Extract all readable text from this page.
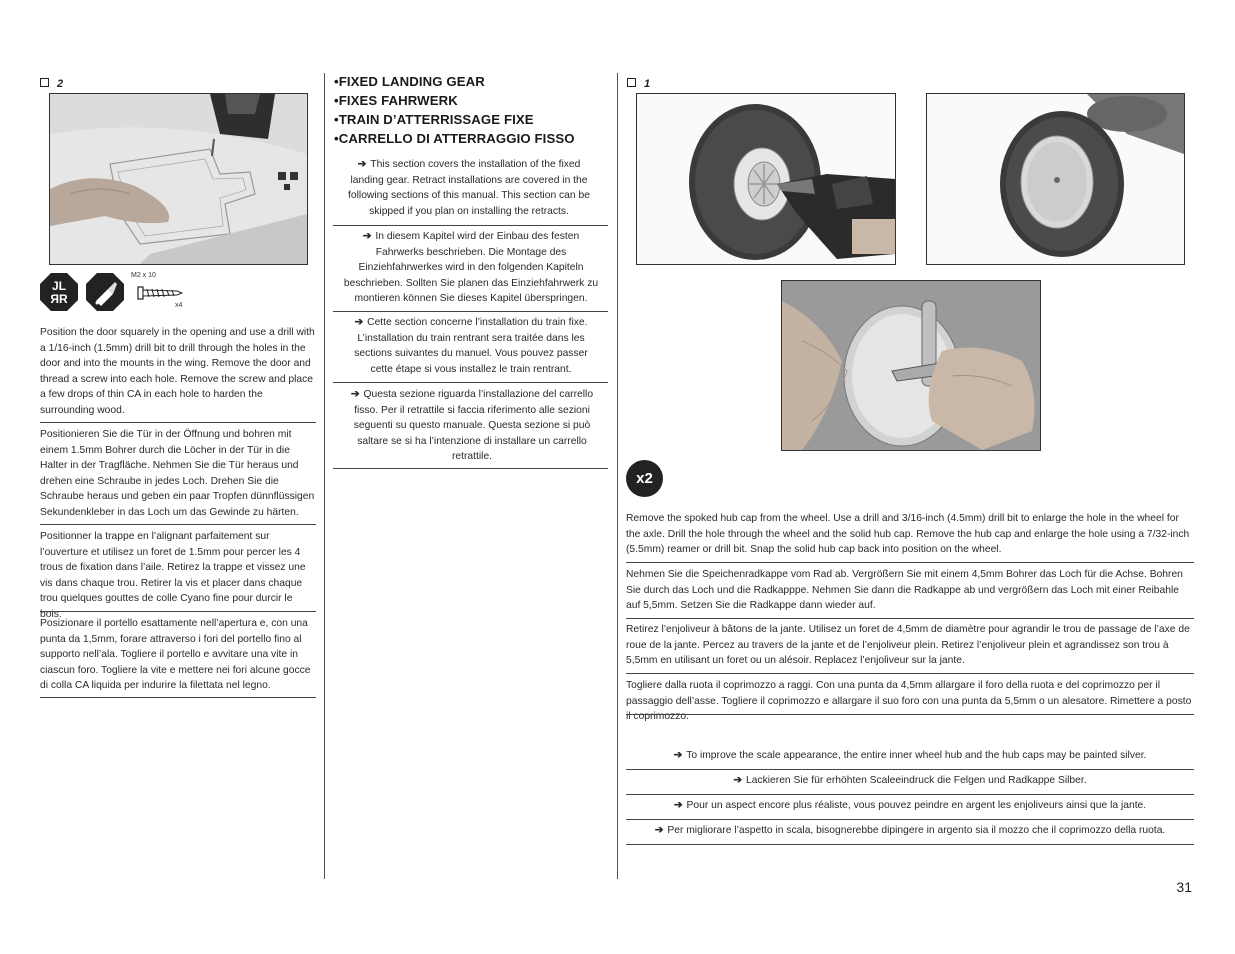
2
JL
ЯR
M2 x 10
x4
Position the door squarely in the opening and use a drill with a 1/16-inch (1.5mm) drill bit to drill through the holes in the door and into the mounts in the wing. Remove the door and thread a screw into each hole. Remove the screw and place a few drops of thin CA in each hole to harden the surrounding wood.
Positionieren Sie die Tür in der Öffnung und bohren mit einem 1.5mm Bohrer durch die Löcher in der Tür in die Halter in der Tragfläche. Nehmen Sie die Tür heraus und drehen eine Schraube in jedes Loch. Drehen Sie die Schraube heraus und geben ein paar Tropfen dünnflüssigen Sekundenkleber in das Loch um das Gewinde zu härten.
Positionner la trappe en l’alignant parfaitement sur l’ouverture et utilisez un foret de 1.5mm pour percer les 4 trous de fixation dans l’aile. Retirez la trappe et vissez une vis dans chaque trou. Retirer la vis et placer dans chaque trou quelques gouttes de colle Cyano fine pour durcir le bois.
Posizionare il portello esattamente nell’apertura e, con una punta da 1,5mm, forare attraverso i fori del portello fino al supporto nell’ala. Togliere il portello e avvitare una vite in ciascun foro. Togliere la vite e mettere nei fori alcune gocce di colla CA liquida per indurire la filettata nel legno.
•FIXED LANDING GEAR
•FIXES FAHRWERK
•TRAIN D’ATTERRISSAGE FIXE
•CARRELLO DI ATTERRAGGIO FISSO
➔ This section covers the installation of the fixed landing gear. Retract installations are covered in the following sections of this manual. This section can be skipped if you plan on installing the retracts.
➔ In diesem Kapitel wird der Einbau des festen Fahrwerks beschrieben. Die Montage des Einziehfahrwerkes wird in den folgenden Kapiteln beschrieben. Sollten Sie planen das Einziehfahrwerk zu montieren können Sie dieses Kapitel überspringen.
➔ Cette section concerne l’installation du train fixe. L’installation du train rentrant sera traitée dans les sections suivantes du manuel. Vous pouvez passer cette étape si vous installez le train rentrant.
➔ Questa sezione riguarda l’installazione del carrello fisso. Per il retrattile si faccia riferimento alle sezioni seguenti su questo manuale. Questa sezione si può saltare se si ha l’intenzione di installare un carrello retrattile.
1
x2
Remove the spoked hub cap from the wheel. Use a drill and 3/16-inch (4.5mm) drill bit to enlarge the hole in the wheel for the axle. Drill the hole through the wheel and the solid hub cap. Remove the hub cap and enlarge the hole using a 7/32-inch (5.5mm) reamer or drill bit. Snap the solid hub cap back into position on the wheel.
Nehmen Sie die Speichenradkappe vom Rad ab. Vergrößern Sie mit einem 4,5mm Bohrer das Loch für die Achse. Bohren Sie durch das Loch und die Radkapppe. Nehmen Sie dann die Radkappe ab und vergrößern das Loch mit einer Reibahle auf 5,5mm. Setzen Sie die Radkappe dann wieder auf.
Retirez l’enjoliveur à bâtons de la jante. Utilisez un foret de 4,5mm de diamètre pour agrandir le trou de passage de l’axe de roue de la jante. Percez au travers de la jante et de l’enjoliveur plein. Retirez l’enjoliveur plein et agrandissez son trou à 5,5mm en utilisant un foret ou un alésoir. Replacez l’enjoliveur sur la jante.
Togliere dalla ruota il coprimozzo a raggi. Con una punta da 4,5mm allargare il foro della ruota e del coprimozzo per il passaggio dell’asse. Togliere il coprimozzo e allargare il suo foro con una punta da 5,5mm o un alesatore. Rimettere a posto il coprimozzo.
➔ To improve the scale appearance, the entire inner wheel hub and the hub caps may be painted silver.
➔ Lackieren Sie für erhöhten Scaleeindruck die Felgen und Radkappe Silber.
➔ Pour un aspect encore plus réaliste, vous pouvez peindre en argent les enjoliveurs ainsi que la jante.
➔ Per migliorare l’aspetto in scala, bisognerebbe dipingere in argento sia il mozzo che il coprimozzo della ruota.
31
